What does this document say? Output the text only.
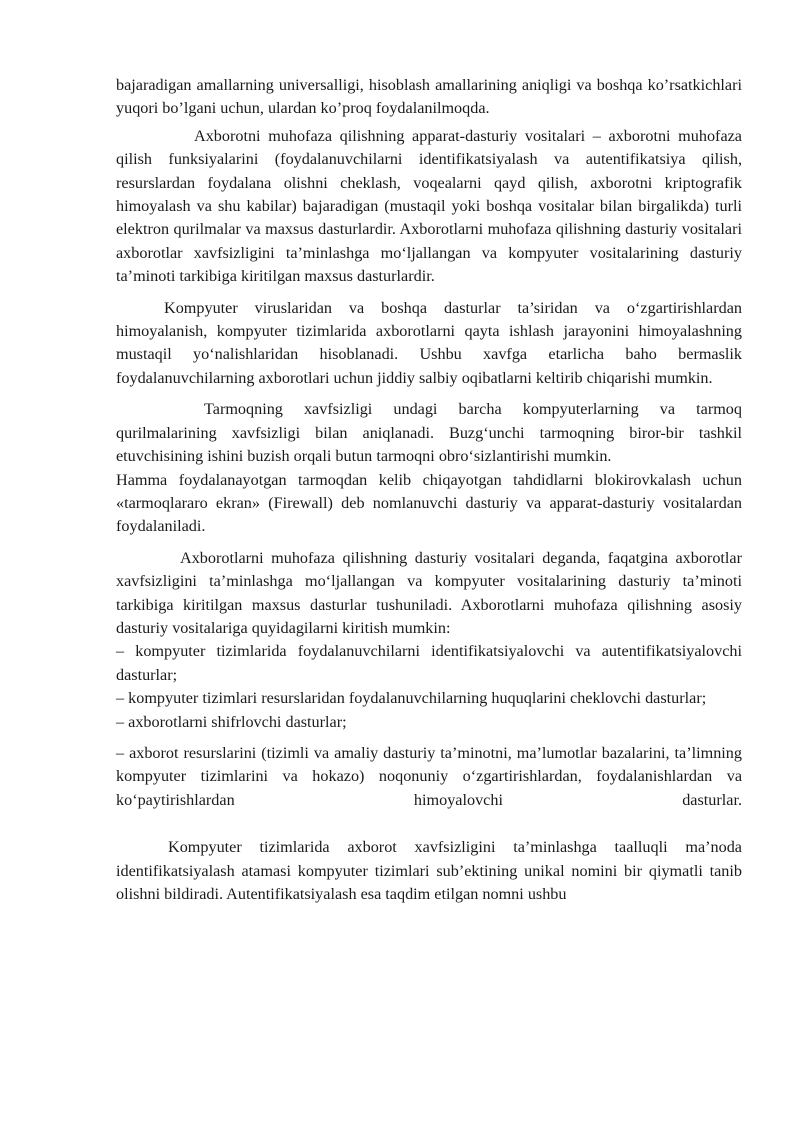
bajaradigan amallarning universalligi, hisoblash amallarining aniqligi va boshqa ko’rsatkichlari yuqori bo’lgani uchun, ulardan ko’proq foydalanilmoqda.

Axborotni muhofaza qilishning apparat-dasturiy vositalari – axborotni muhofaza qilish funksiyalarini (foydalanuvchilarni identifikatsiyalash va autentifikatsiya qilish, resurslardan foydalana olishni cheklash, voqealarni qayd qilish, axborotni kriptografik himoyalash va shu kabilar) bajaradigan (mustaqil yoki boshqa vositalar bilan birgalikda) turli elektron qurilmalar va maxsus dasturlardir. Axborotlarni muhofaza qilishning dasturiy vositalari axborotlar xavfsizligini ta’minlashga moʻljallangan va kompyuter vositalarining dasturiy ta’minoti tarkibiga kiritilgan maxsus dasturlardir.

Kompyuter viruslaridan va boshqa dasturlar ta’siridan va oʻzgartirishlardan himoyalanish, kompyuter tizimlarida axborotlarni qayta ishlash jarayonini himoyalashning mustaqil yoʻnalishlaridan hisoblanadi. Ushbu xavfga etarlicha baho bermaslik foydalanuvchilarning axborotlari uchun jiddiy salbiy oqibatlarni keltirib chiqarishi mumkin.

Tarmoqning xavfsizligi undagi barcha kompyuterlarning va tarmoq qurilmalarining xavfsizligi bilan aniqlanadi. Buzgʻunchi tarmoqning biror-bir tashkil etuvchisining ishini buzish orqali butun tarmoqni obroʻsizlantirishi mumkin.

Hamma foydalanayotgan tarmoqdan kelib chiqayotgan tahdidlarni blokirovkalash uchun «tarmoqlararo ekran» (Firewall) deb nomlanuvchi dasturiy va apparat-dasturiy vositalardan foydalaniladi.

Axborotlarni muhofaza qilishning dasturiy vositalari deganda, faqatgina axborotlar xavfsizligini ta’minlashga moʻljallangan va kompyuter vositalarining dasturiy ta’minoti tarkibiga kiritilgan maxsus dasturlar tushuniladi. Axborotlarni muhofaza qilishning asosiy dasturiy vositalariga quyidagilarni kiritish mumkin:

– kompyuter tizimlarida foydalanuvchilarni identifikatsiyalovchi va autentifikatsiyalovchi dasturlar;

– kompyuter tizimlari resurslaridan foydalanuvchilarning huquqlarini cheklovchi dasturlar;

– axborotlarni shifrlovchi dasturlar;

– axborot resurslarini (tizimli va amaliy dasturiy ta’minotni, ma’lumotlar bazalarini, ta’limning kompyuter tizimlarini va hokazo) noqonuniy oʻzgartirishlardan, foydalanishlardan va koʻpaytirishlardan himoyalovchi dasturlar.

Kompyuter tizimlarida axborot xavfsizligini ta’minlashga taalluqli ma’noda identifikatsiyalash atamasi kompyuter tizimlari sub’ektining unikal nomini bir qiymatli tanib olishni bildiradi. Autentifikatsiyalash esa taqdim etilgan nomni ushbu
